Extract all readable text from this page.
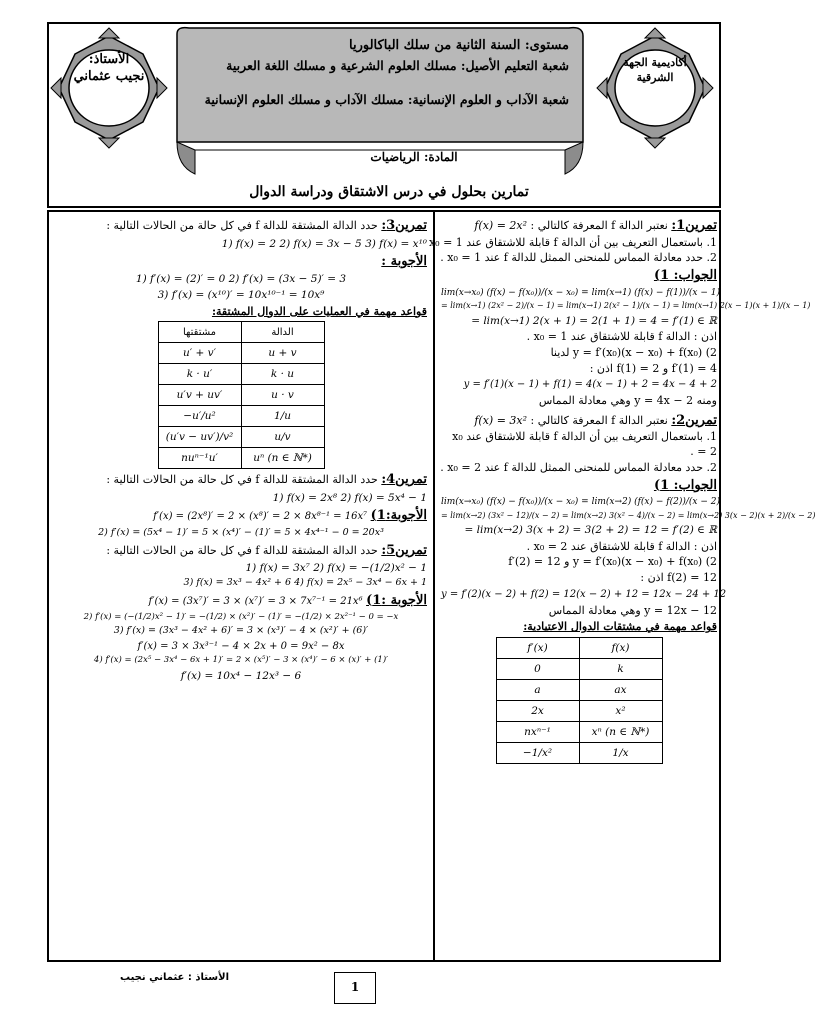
الأستاذ: نجيب عثماني
أكاديمية الجهة الشرقية
مستوى: السنة الثانية من سلك الباكالوريا
شعبة التعليم الأصيل: مسلك العلوم الشرعية و مسلك اللغة العربية
شعبة الآداب و العلوم الإنسانية: مسلك الآداب و مسلك العلوم الإنسانية
المادة: الرياضيات
تمارين بحلول في درس الاشتقاق ودراسة الدوال
تمرين1: نعتبر الدالة f المعرفة كالتالي : f(x) = 2x²
1. باستعمال التعريف بين أن الدالة f قابلة للاشتقاق عند x₀ = 1
2. حدد معادلة المماس للمنحنى الممثل للدالة f عند x₀ = 1 .
الجواب: 1)
lim(x→x₀) (f(x) − f(x₀))/(x − x₀) = lim(x→1) (f(x) − f(1))/(x − 1)
= lim(x→1) (2x² − 2)/(x − 1) = lim(x→1) 2(x² − 1)/(x − 1) = lim(x→1) 2(x − 1)(x + 1)/(x − 1)
= lim(x→1) 2(x + 1) = 2(1 + 1) = 4 = f′(1) ∈ ℝ
اذن : الدالة f قابلة للاشتقاق عند x₀ = 1 .
2) y = f′(x₀)(x − x₀) + f(x₀) لدينا
f′(1) = 4 و f(1) = 2 اذن :
y = f′(1)(x − 1) + f(1) = 4(x − 1) + 2 = 4x − 4 + 2
ومنه y = 4x − 2 وهي معادلة المماس
تمرين2: نعتبر الدالة f المعرفة كالتالي : f(x) = 3x²
1. باستعمال التعريف بين أن الدالة f قابلة للاشتقاق عند x₀ = 2 .
2. حدد معادلة المماس للمنحنى الممثل للدالة f عند x₀ = 2 .
الجواب: 1)
lim(x→x₀) (f(x) − f(x₀))/(x − x₀) = lim(x→2) (f(x) − f(2))/(x − 2)
= lim(x→2) (3x² − 12)/(x − 2) = lim(x→2) 3(x² − 4)/(x − 2) = lim(x→2) 3(x − 2)(x + 2)/(x − 2)
= lim(x→2) 3(x + 2) = 3(2 + 2) = 12 = f′(2) ∈ ℝ
اذن : الدالة f قابلة للاشتقاق عند x₀ = 2 .
2) y = f′(x₀)(x − x₀) + f(x₀) و f′(2) = 12
f(2) = 12 اذن :
y = f′(2)(x − 2) + f(2) = 12(x − 2) + 12 = 12x − 24 + 12
y = 12x − 12 وهي معادلة المماس
قواعد مهمة في مشتقات الدوال الاعتيادية:
f′(x)	f(x)
0	k
a	ax
2x	x²
nxⁿ⁻¹	xⁿ (n ∈ ℕ*)
−1/x²	1/x
تمرين3: حدد الدالة المشتقة للدالة f في كل حالة من الحالات التالية :
1) f(x) = 2 2) f(x) = 3x − 5 3) f(x) = x¹⁰
الأجوبة :
1) f′(x) = (2)′ = 0 2) f′(x) = (3x − 5)′ = 3
3) f′(x) = (x¹⁰)′ = 10x¹⁰⁻¹ = 10x⁹
قواعد مهمة في العمليات على الدوال المشتقة:
مشتقتها	الدالة
u′ + v′	u + v
k · u′	k · u
u′v + uv′	u · v
−u′/u²	1/u
(u′v − uv′)/v²	u/v
nuⁿ⁻¹u′	uⁿ (n ∈ ℕ*)
تمرين4: حدد الدالة المشتقة للدالة f في كل حالة من الحالات التالية :
1) f(x) = 2x⁸ 2) f(x) = 5x⁴ − 1
الأجوبة:1) f′(x) = (2x⁸)′ = 2 × (x⁸)′ = 2 × 8x⁸⁻¹ = 16x⁷
2) f′(x) = (5x⁴ − 1)′ = 5 × (x⁴)′ − (1)′ = 5 × 4x⁴⁻¹ − 0 = 20x³
تمرين5: حدد الدالة المشتقة للدالة f في كل حالة من الحالات التالية :
1) f(x) = 3x⁷ 2) f(x) = −(1/2)x² − 1
3) f(x) = 3x³ − 4x² + 6 4) f(x) = 2x⁵ − 3x⁴ − 6x + 1
الأجوبة :1) f′(x) = (3x⁷)′ = 3 × (x⁷)′ = 3 × 7x⁷⁻¹ = 21x⁶
2) f′(x) = (−(1/2)x² − 1)′ = −(1/2) × (x²)′ − (1)′ = −(1/2) × 2x²⁻¹ − 0 = −x
3) f′(x) = (3x³ − 4x² + 6)′ = 3 × (x³)′ − 4 × (x²)′ + (6)′
f′(x) = 3 × 3x³⁻¹ − 4 × 2x + 0 = 9x² − 8x
4) f′(x) = (2x⁵ − 3x⁴ − 6x + 1)′ = 2 × (x⁵)′ − 3 × (x⁴)′ − 6 × (x)′ + (1)′
f′(x) = 10x⁴ − 12x³ − 6
الأستاذ : عثماني نجيب
1
